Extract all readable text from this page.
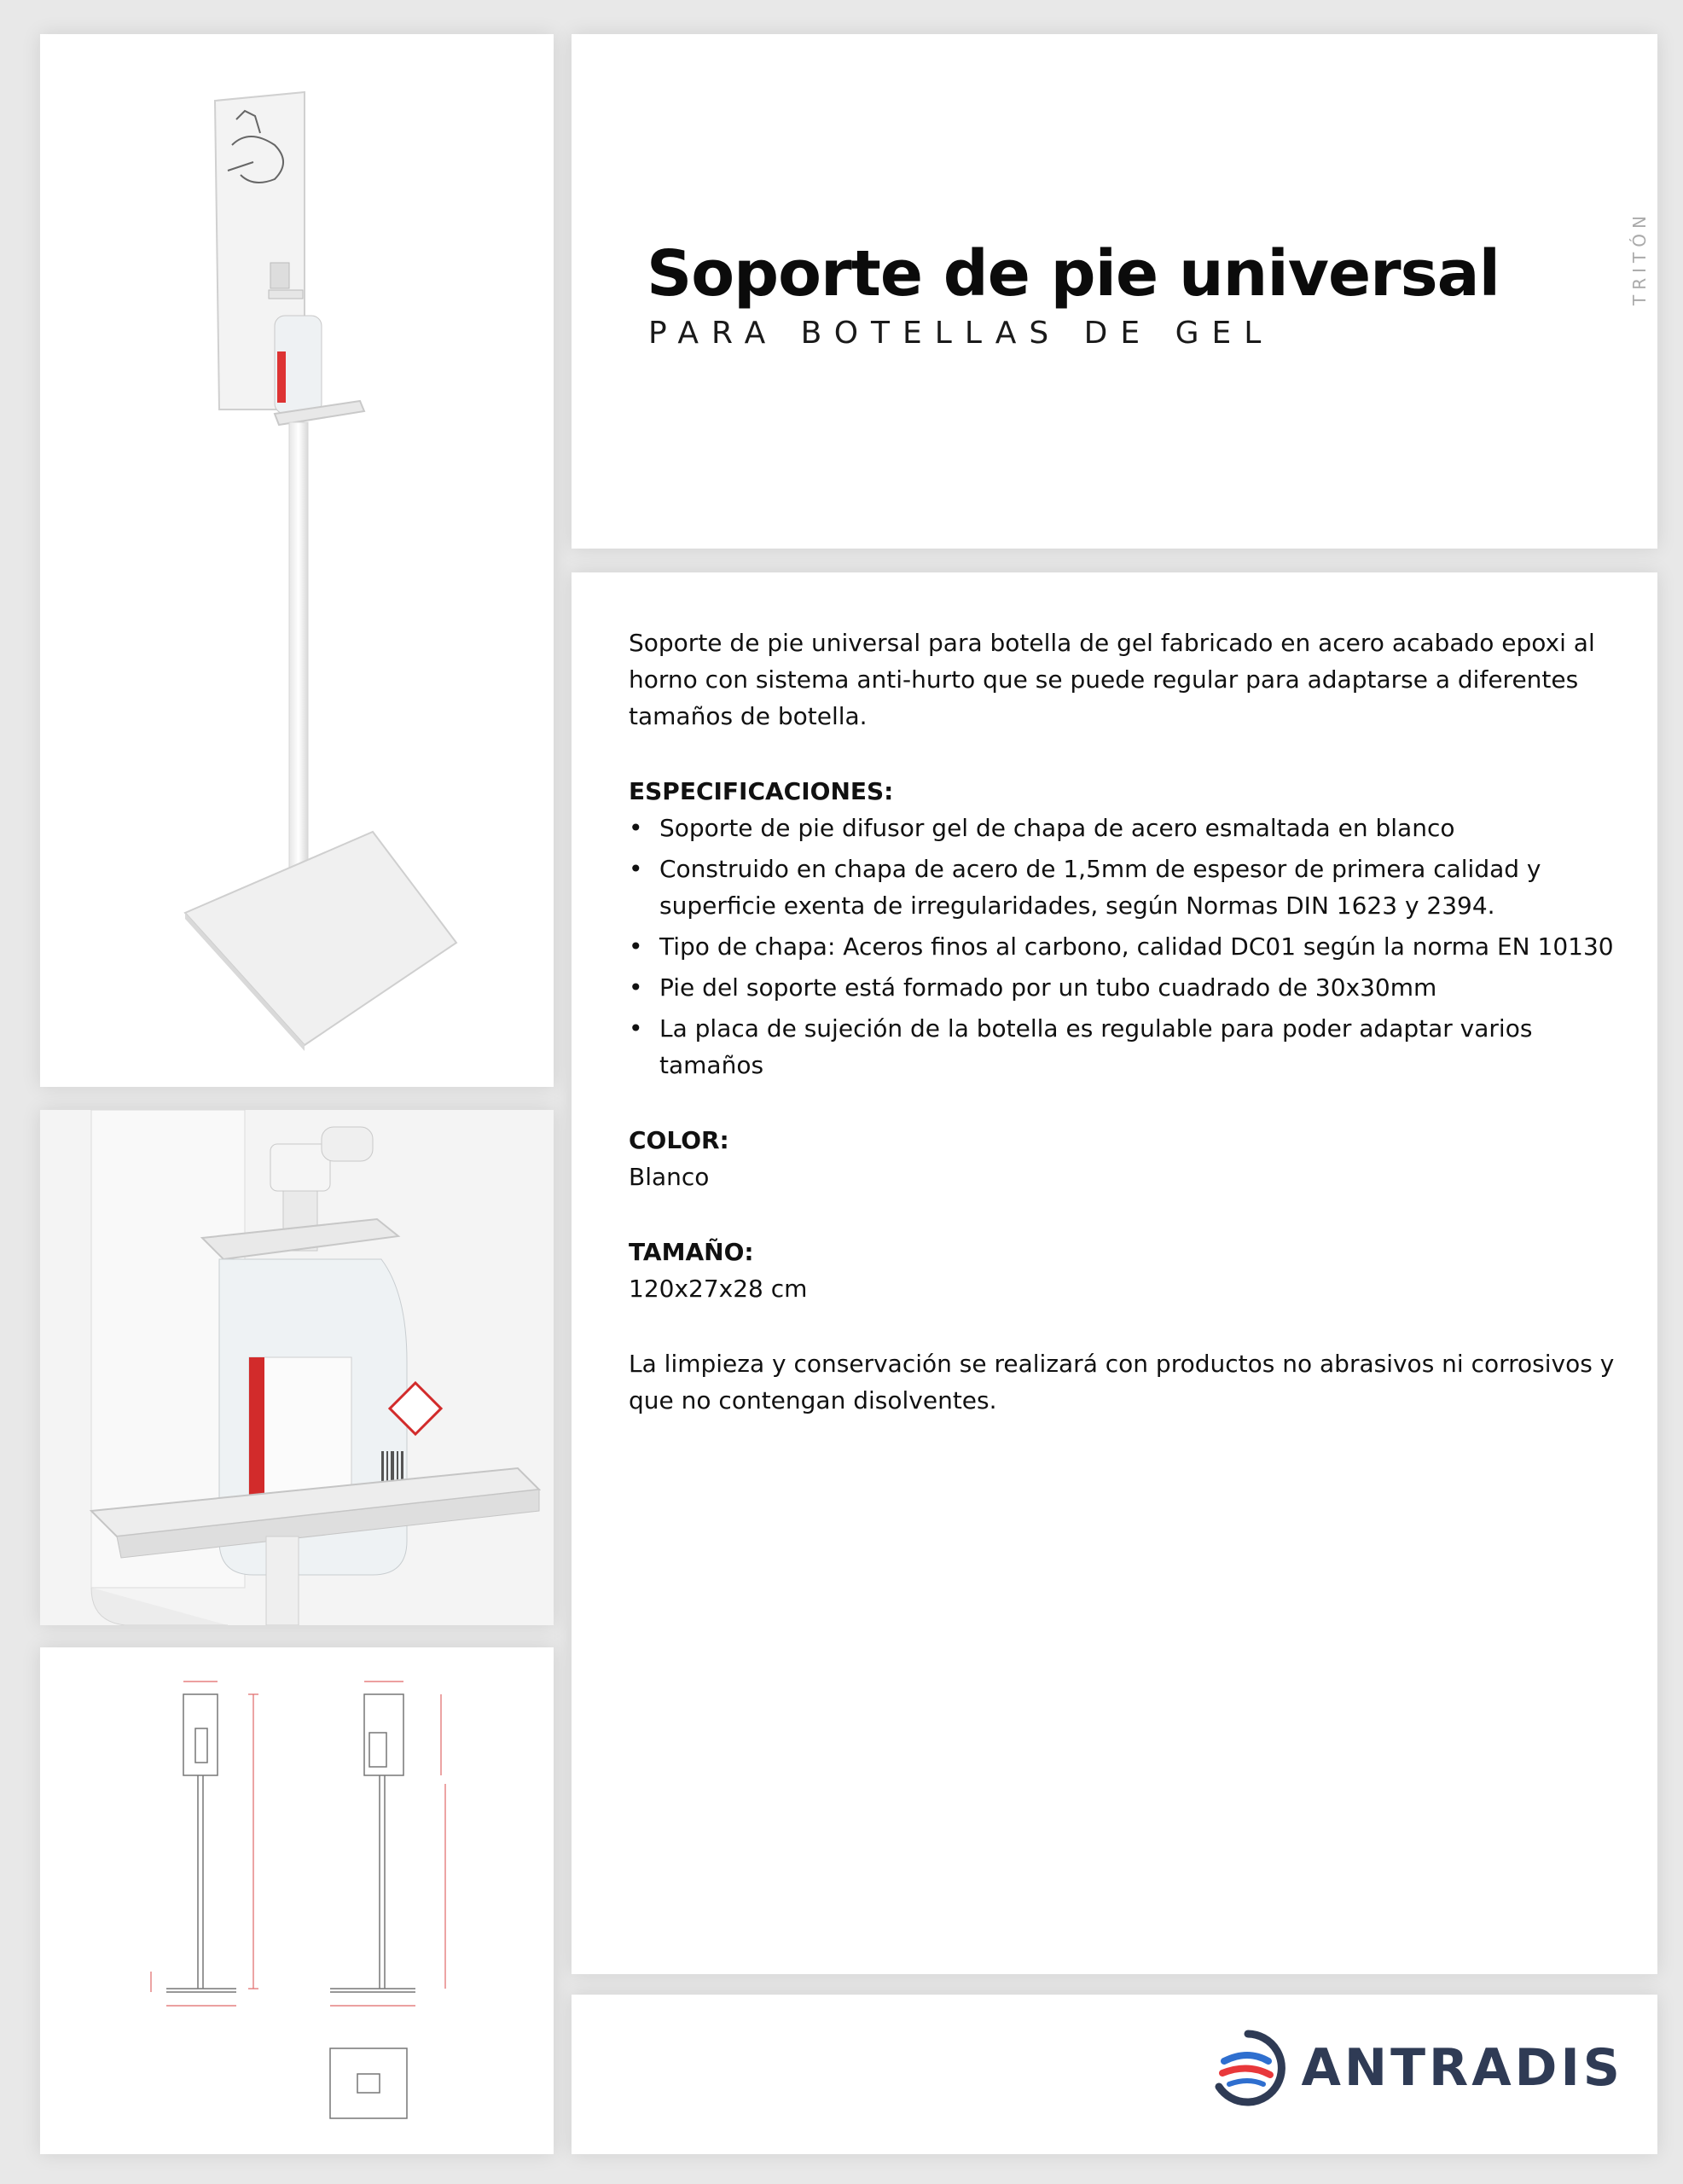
Soporte de pie universal

PARA BOTELLAS DE GEL

TRITÓN

Soporte de pie universal para botella de gel fabricado en acero acabado epoxi al horno con sistema anti-hurto que se puede regular para adaptarse a diferentes tamaños de botella.

ESPECIFICACIONES:
• Soporte de pie difusor gel de chapa de acero esmaltada en blanco
• Construido en chapa de acero de 1,5mm de espesor de primera calidad y superficie exenta de irregularidades, según Normas DIN 1623 y 2394.
• Tipo de chapa: Aceros finos al carbono, calidad DC01 según la norma EN 10130
• Pie del soporte está formado por un tubo cuadrado de 30x30mm
• La placa de sujeción de la botella es regulable para poder adaptar varios tamaños
COLOR:

Blanco

TAMAÑO:

120x27x28 cm

La limpieza y conservación se realizará con productos no abrasivos ni corrosivos y que no contengan disolventes.

ANTRADIS
